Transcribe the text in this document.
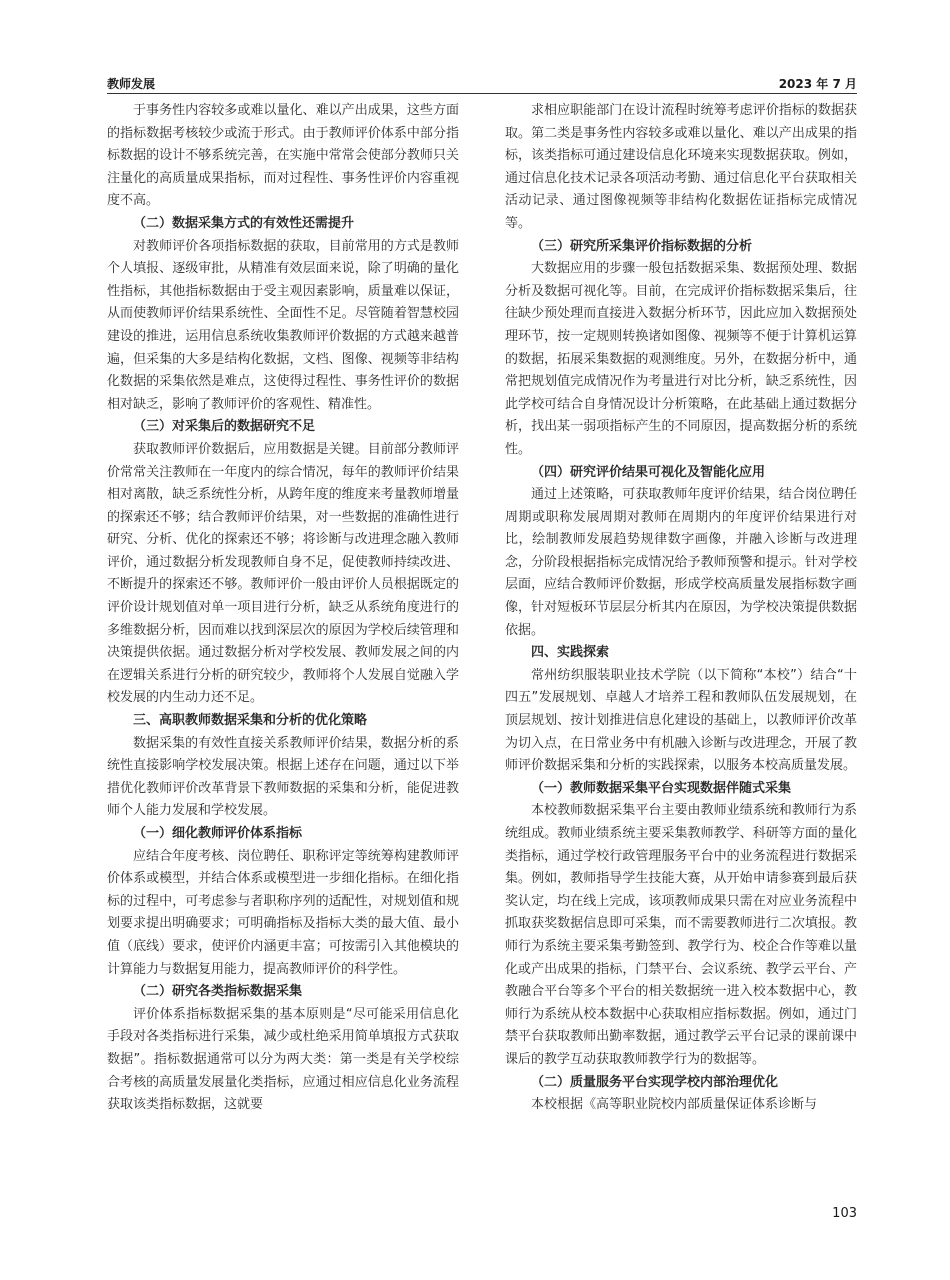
教师发展	2023 年 7 月

于事务性内容较多或难以量化、难以产出成果，这些方面的指标数据考核较少或流于形式。由于教师评价体系中部分指标数据的设计不够系统完善，在实施中常常会使部分教师只关注量化的高质量成果指标，而对过程性、事务性评价内容重视度不高。

（二）数据采集方式的有效性还需提升

对教师评价各项指标数据的获取，目前常用的方式是教师个人填报、逐级审批，从精准有效层面来说，除了明确的量化性指标，其他指标数据由于受主观因素影响，质量难以保证，从而使教师评价结果系统性、全面性不足。尽管随着智慧校园建设的推进，运用信息系统收集教师评价数据的方式越来越普遍，但采集的大多是结构化数据，文档、图像、视频等非结构化数据的采集依然是难点，这使得过程性、事务性评价的数据相对缺乏，影响了教师评价的客观性、精准性。

（三）对采集后的数据研究不足

获取教师评价数据后，应用数据是关键。目前部分教师评价常常关注教师在一年度内的综合情况，每年的教师评价结果相对离散，缺乏系统性分析，从跨年度的维度来考量教师增量的探索还不够；结合教师评价结果，对一些数据的准确性进行研究、分析、优化的探索还不够；将诊断与改进理念融入教师评价，通过数据分析发现教师自身不足，促使教师持续改进、不断提升的探索还不够。教师评价一般由评价人员根据既定的评价设计规划值对单一项目进行分析，缺乏从系统角度进行的多维数据分析，因而难以找到深层次的原因为学校后续管理和决策提供依据。通过数据分析对学校发展、教师发展之间的内在逻辑关系进行分析的研究较少，教师将个人发展自觉融入学校发展的内生动力还不足。

三、高职教师数据采集和分析的优化策略

数据采集的有效性直接关系教师评价结果，数据分析的系统性直接影响学校发展决策。根据上述存在问题，通过以下举措优化教师评价改革背景下教师数据的采集和分析，能促进教师个人能力发展和学校发展。

（一）细化教师评价体系指标

应结合年度考核、岗位聘任、职称评定等统筹构建教师评价体系或模型，并结合体系或模型进一步细化指标。在细化指标的过程中，可考虑参与者职称序列的适配性，对规划值和规划要求提出明确要求；可明确指标及指标大类的最大值、最小值（底线）要求，使评价内涵更丰富；可按需引入其他模块的计算能力与数据复用能力，提高教师评价的科学性。

（二）研究各类指标数据采集

评价体系指标数据采集的基本原则是“尽可能采用信息化手段对各类指标进行采集，减少或杜绝采用简单填报方式获取数据”。指标数据通常可以分为两大类：第一类是有关学校综合考核的高质量发展量化类指标，应通过相应信息化业务流程获取该类指标数据，这就要

求相应职能部门在设计流程时统筹考虑评价指标的数据获取。第二类是事务性内容较多或难以量化、难以产出成果的指标，该类指标可通过建设信息化环境来实现数据获取。例如，通过信息化技术记录各项活动考勤、通过信息化平台获取相关活动记录、通过图像视频等非结构化数据佐证指标完成情况等。

（三）研究所采集评价指标数据的分析

大数据应用的步骤一般包括数据采集、数据预处理、数据分析及数据可视化等。目前，在完成评价指标数据采集后，往往缺少预处理而直接进入数据分析环节，因此应加入数据预处理环节，按一定规则转换诸如图像、视频等不便于计算机运算的数据，拓展采集数据的观测维度。另外，在数据分析中，通常把规划值完成情况作为考量进行对比分析，缺乏系统性，因此学校可结合自身情况设计分析策略，在此基础上通过数据分析，找出某一弱项指标产生的不同原因，提高数据分析的系统性。

（四）研究评价结果可视化及智能化应用

通过上述策略，可获取教师年度评价结果，结合岗位聘任周期或职称发展周期对教师在周期内的年度评价结果进行对比，绘制教师发展趋势规律数字画像，并融入诊断与改进理念，分阶段根据指标完成情况给予教师预警和提示。针对学校层面，应结合教师评价数据，形成学校高质量发展指标数字画像，针对短板环节层层分析其内在原因，为学校决策提供数据依据。

四、实践探索

常州纺织服装职业技术学院（以下简称“本校”）结合“十四五”发展规划、卓越人才培养工程和教师队伍发展规划，在顶层规划、按计划推进信息化建设的基础上，以教师评价改革为切入点，在日常业务中有机融入诊断与改进理念，开展了教师评价数据采集和分析的实践探索，以服务本校高质量发展。

（一）教师数据采集平台实现数据伴随式采集

本校教师数据采集平台主要由教师业绩系统和教师行为系统组成。教师业绩系统主要采集教师教学、科研等方面的量化类指标，通过学校行政管理服务平台中的业务流程进行数据采集。例如，教师指导学生技能大赛，从开始申请参赛到最后获奖认定，均在线上完成，该项教师成果只需在对应业务流程中抓取获奖数据信息即可采集，而不需要教师进行二次填报。教师行为系统主要采集考勤签到、教学行为、校企合作等难以量化或产出成果的指标，门禁平台、会议系统、教学云平台、产教融合平台等多个平台的相关数据统一进入校本数据中心，教师行为系统从校本数据中心获取相应指标数据。例如，通过门禁平台获取教师出勤率数据，通过教学云平台记录的课前课中课后的教学互动获取教师教学行为的数据等。

（二）质量服务平台实现学校内部治理优化

本校根据《高等职业院校内部质量保证体系诊断与

103
